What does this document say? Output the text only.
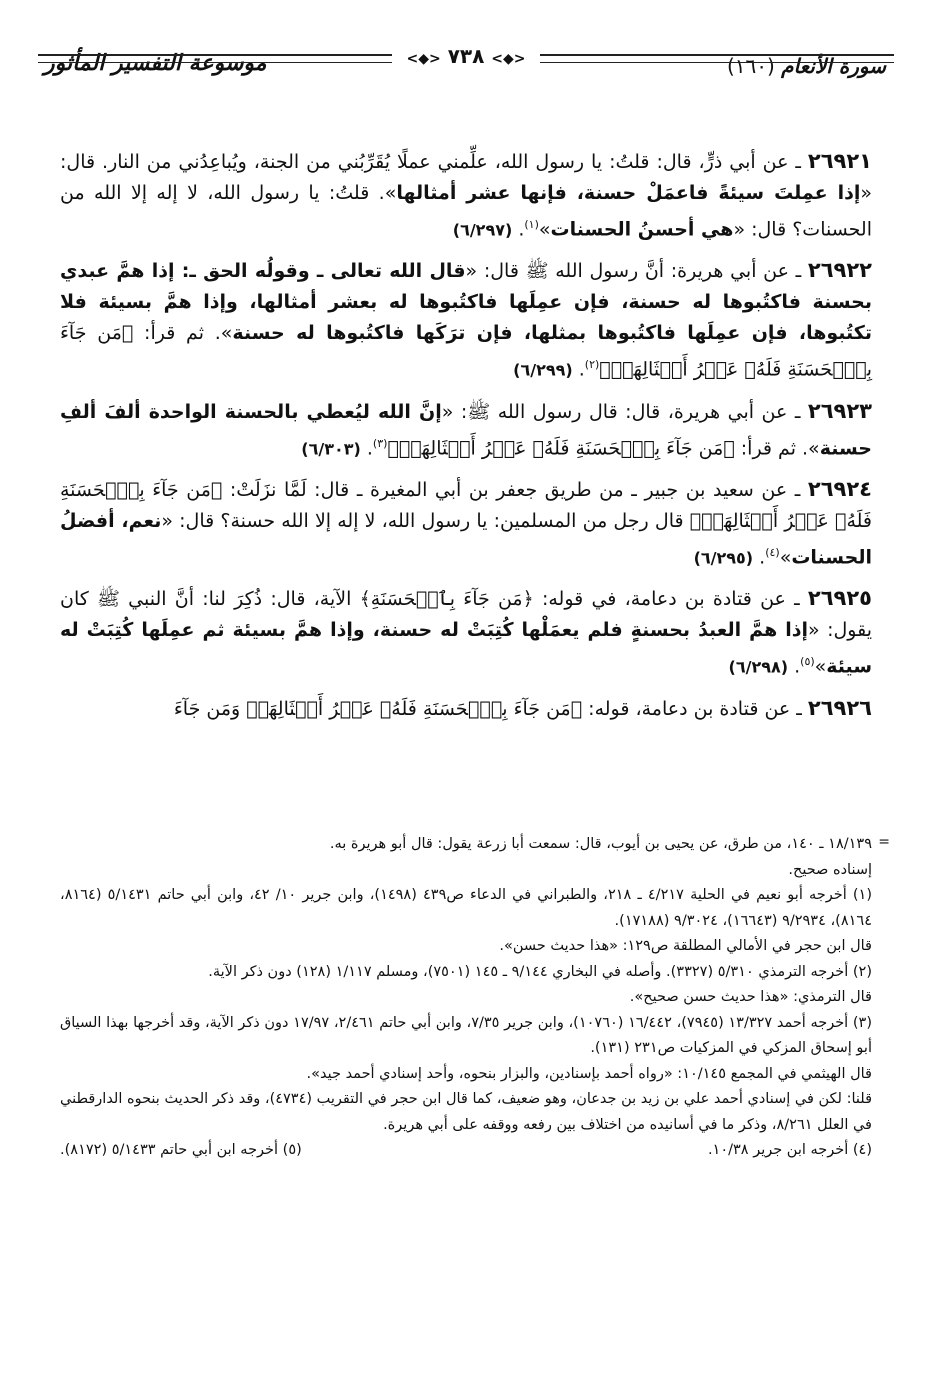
سورة الأنعام (١٦٠)
موسوعة التفسير المأثور	<◆> ٧٣٨ <◆>

٢٦٩٢١ ـ عن أبي ذرٍّ، قال: قلتُ: يا رسول الله، علِّمني عملًا يُقَرِّبُني من الجنة، ويُباعِدُني من النار. قال: «إذا عمِلتَ سيئةً فاعمَلْ حسنة، فإنها عشر أمثالها». قلتُ: يا رسول الله، لا إله إلا الله من الحسنات؟ قال: «هي أحسنُ الحسنات»$^{(١)}$. (٦/٢٩٧)

٢٦٩٢٢ ـ عن أبي هريرة: أنَّ رسول الله ﷺ قال: «قال الله تعالى ـ وقولُه الحق ـ: إذا همَّ عبدي بحسنة فاكتُبوها له حسنة، فإن عمِلَها فاكتُبوها له بعشر أمثالها، وإذا همَّ بسيئة فلا تكتُبوها، فإن عمِلَها فاكتُبوها بمثلها، فإن ترَكَها فاكتُبوها له حسنة». ثم قرأ: ﴿مَن جَآءَ بِٱلۡحَسَنَةِ فَلَهُۥ عَشۡرُ أَمۡثَالِهَاۖ﴾$^{(٢)}$. (٦/٢٩٩)

٢٦٩٢٣ ـ عن أبي هريرة، قال: قال رسول الله ﷺ: «إنَّ الله ليُعطي بالحسنة الواحدة ألفَ ألفِ حسنة». ثم قرأ: ﴿مَن جَآءَ بِٱلۡحَسَنَةِ فَلَهُۥ عَشۡرُ أَمۡثَالِهَاۖ﴾$^{(٣)}$. (٦/٣٠٣)

٢٦٩٢٤ ـ عن سعيد بن جبير ـ من طريق جعفر بن أبي المغيرة ـ قال: لَمَّا نزَلَتْ: ﴿مَن جَآءَ بِٱلۡحَسَنَةِ فَلَهُۥ عَشۡرُ أَمۡثَالِهَاۖ﴾ قال رجل من المسلمين: يا رسول الله، لا إله إلا الله حسنة؟ قال: «نعم، أفضلُ الحسنات»$^{(٤)}$. (٦/٢٩٥)

٢٦٩٢٥ ـ عن قتادة بن دعامة، في قوله: ﴿مَن جَآءَ بِٱلۡحَسَنَةِ﴾ الآية، قال: ذُكِرَ لنا: أنَّ النبي ﷺ كان يقول: «إذا همَّ العبدُ بحسنةٍ فلم يعمَلْها كُتِبَتْ له حسنة، وإذا همَّ بسيئة ثم عمِلَها كُتِبَتْ له سيئة»$^{(٥)}$. (٦/٢٩٨)

٢٦٩٢٦ ـ عن قتادة بن دعامة، قوله: ﴿مَن جَآءَ بِٱلۡحَسَنَةِ فَلَهُۥ عَشۡرُ أَمۡثَالِهَاۖ وَمَن جَآءَ

=

١٨/١٣٩ ـ ١٤٠، من طرق، عن يحيى بن أيوب، قال: سمعت أبا زرعة يقول: قال أبو هريرة به.

إسناده صحيح.

(١) أخرجه أبو نعيم في الحلية ٤/٢١٧ ـ ٢١٨، والطبراني في الدعاء ص٤٣٩ (١٤٩٨)، وابن جرير ١٠/ ٤٢، وابن أبي حاتم ٥/١٤٣١ (٨١٦٤، ٨١٦٤)، ٩/٢٩٣٤ (١٦٦٤٣)، ٩/٣٠٢٤ (١٧١٨٨).

قال ابن حجر في الأمالي المطلقة ص١٢٩: «هذا حديث حسن».

(٢) أخرجه الترمذي ٥/٣١٠ (٣٣٢٧). وأصله في البخاري ٩/١٤٤ ـ ١٤٥ (٧٥٠١)، ومسلم ١/١١٧ (١٢٨) دون ذكر الآية.

قال الترمذي: «هذا حديث حسن صحيح».

(٣) أخرجه أحمد ١٣/٣٢٧ (٧٩٤٥)، ١٦/٤٤٢ (١٠٧٦٠)، وابن جرير ٧/٣٥، وابن أبي حاتم ٢/٤٦١، ١٧/٩٧ دون ذكر الآية، وقد أخرجها بهذا السياق أبو إسحاق المزكي في المزكيات ص٢٣١ (١٣١).

قال الهيثمي في المجمع ١٠/١٤٥: «رواه أحمد بإسنادين، والبزار بنحوه، وأحد إسنادي أحمد جيد».

قلنا: لكن في إسنادي أحمد علي بن زيد بن جدعان، وهو ضعيف، كما قال ابن حجر في التقريب (٤٧٣٤)، وقد ذكر الحديث بنحوه الدارقطني في العلل ٨/٢٦١، وذكر ما في أسانيده من اختلاف بين رفعه ووقفه على أبي هريرة.

(٤) أخرجه ابن جرير ١٠/٣٨.
(٥) أخرجه ابن أبي حاتم ٥/١٤٣٣ (٨١٧٢).
